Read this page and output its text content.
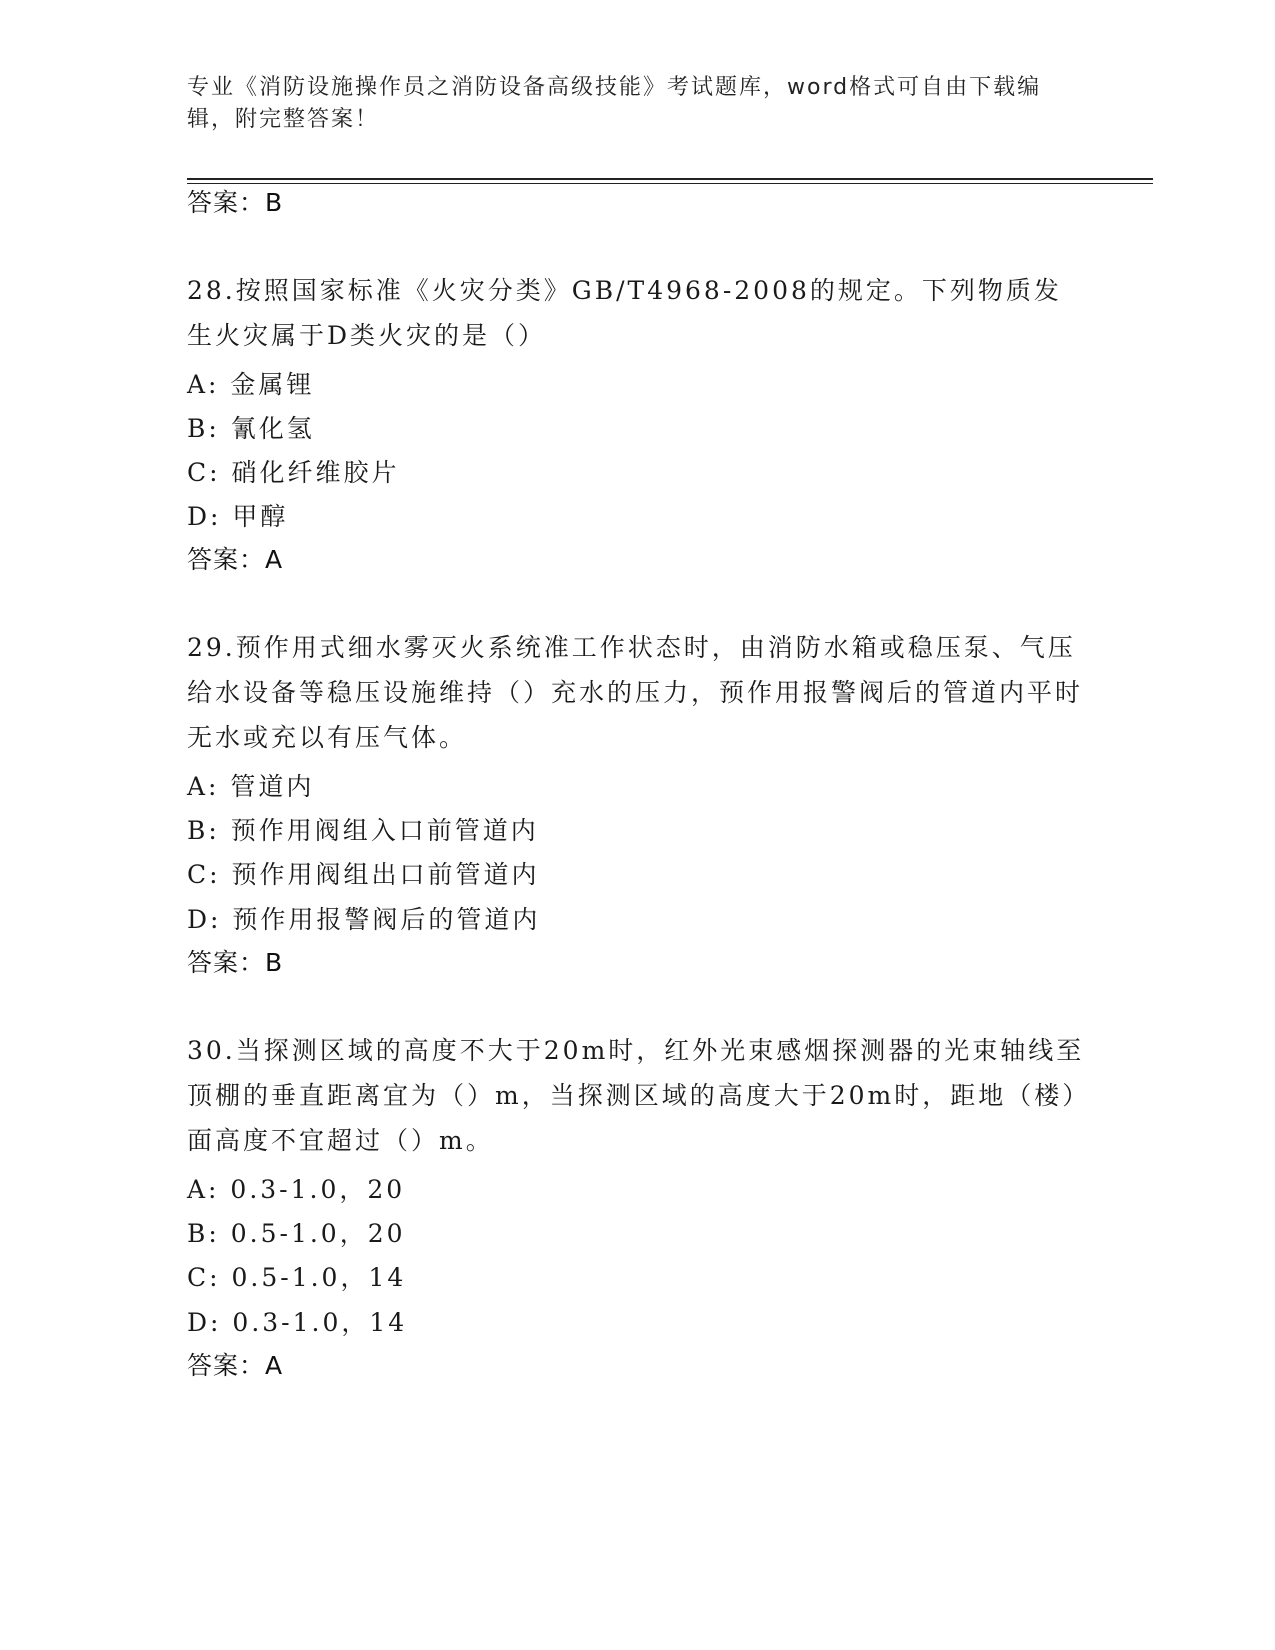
专业《消防设施操作员之消防设备高级技能》考试题库，word格式可自由下载编辑，附完整答案！
答案：B
28.按照国家标准《火灾分类》GB/T4968-2008的规定。下列物质发生火灾属于D类火灾的是（）
A: 金属锂
B: 氰化氢
C: 硝化纤维胶片
D: 甲醇
答案：A
29.预作用式细水雾灭火系统准工作状态时，由消防水箱或稳压泵、气压给水设备等稳压设施维持（）充水的压力，预作用报警阀后的管道内平时无水或充以有压气体。
A: 管道内
B: 预作用阀组入口前管道内
C: 预作用阀组出口前管道内
D: 预作用报警阀后的管道内
答案：B
30.当探测区域的高度不大于20m时，红外光束感烟探测器的光束轴线至顶棚的垂直距离宜为（）m，当探测区域的高度大于20m时，距地（楼）面高度不宜超过（）m。
A: 0.3-1.0，20
B: 0.5-1.0，20
C: 0.5-1.0，14
D: 0.3-1.0，14
答案：A
